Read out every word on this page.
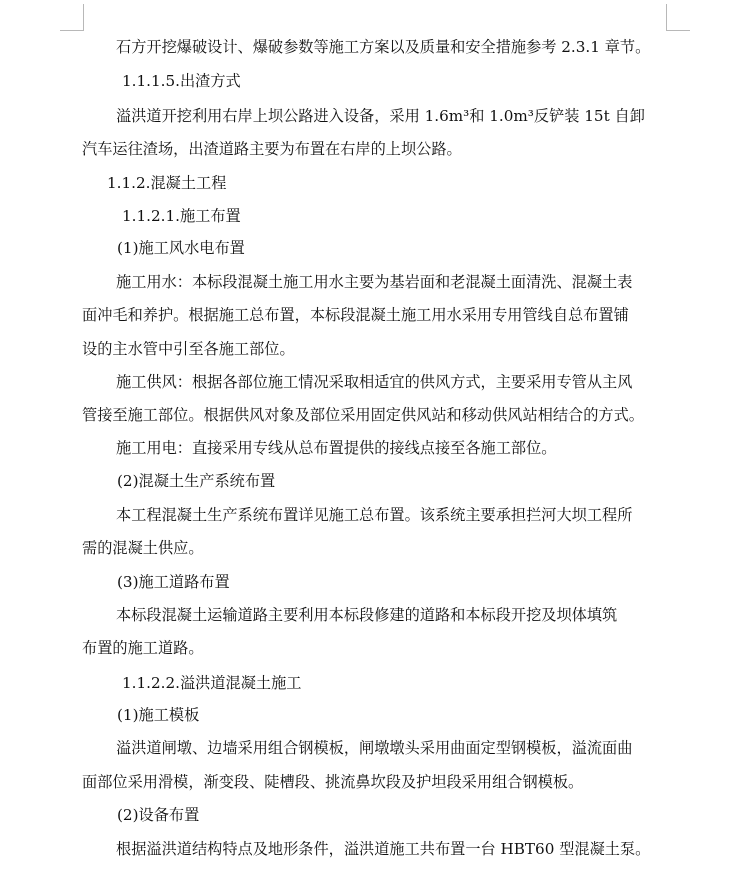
石方开挖爆破设计、爆破参数等施工方案以及质量和安全措施参考 2.3.1 章节。
1.1.1.5.出渣方式
溢洪道开挖利用右岸上坝公路进入设备，采用 1.6m³和 1.0m³反铲装 15t 自卸
汽车运往渣场，出渣道路主要为布置在右岸的上坝公路。
1.1.2.混凝土工程
1.1.2.1.施工布置
(1)施工风水电布置
施工用水：本标段混凝土施工用水主要为基岩面和老混凝土面清洗、混凝土表
面冲毛和养护。根据施工总布置，本标段混凝土施工用水采用专用管线自总布置铺
设的主水管中引至各施工部位。
施工供风：根据各部位施工情况采取相适宜的供风方式，主要采用专管从主风
管接至施工部位。根据供风对象及部位采用固定供风站和移动供风站相结合的方式。
施工用电：直接采用专线从总布置提供的接线点接至各施工部位。
(2)混凝土生产系统布置
本工程混凝土生产系统布置详见施工总布置。该系统主要承担拦河大坝工程所
需的混凝土供应。
(3)施工道路布置
本标段混凝土运输道路主要利用本标段修建的道路和本标段开挖及坝体填筑
布置的施工道路。
1.1.2.2.溢洪道混凝土施工
(1)施工模板
溢洪道闸墩、边墙采用组合钢模板，闸墩墩头采用曲面定型钢模板，溢流面曲
面部位采用滑模，渐变段、陡槽段、挑流鼻坎段及护坦段采用组合钢模板。
(2)设备布置
根据溢洪道结构特点及地形条件，溢洪道施工共布置一台 HBT60 型混凝土泵。
